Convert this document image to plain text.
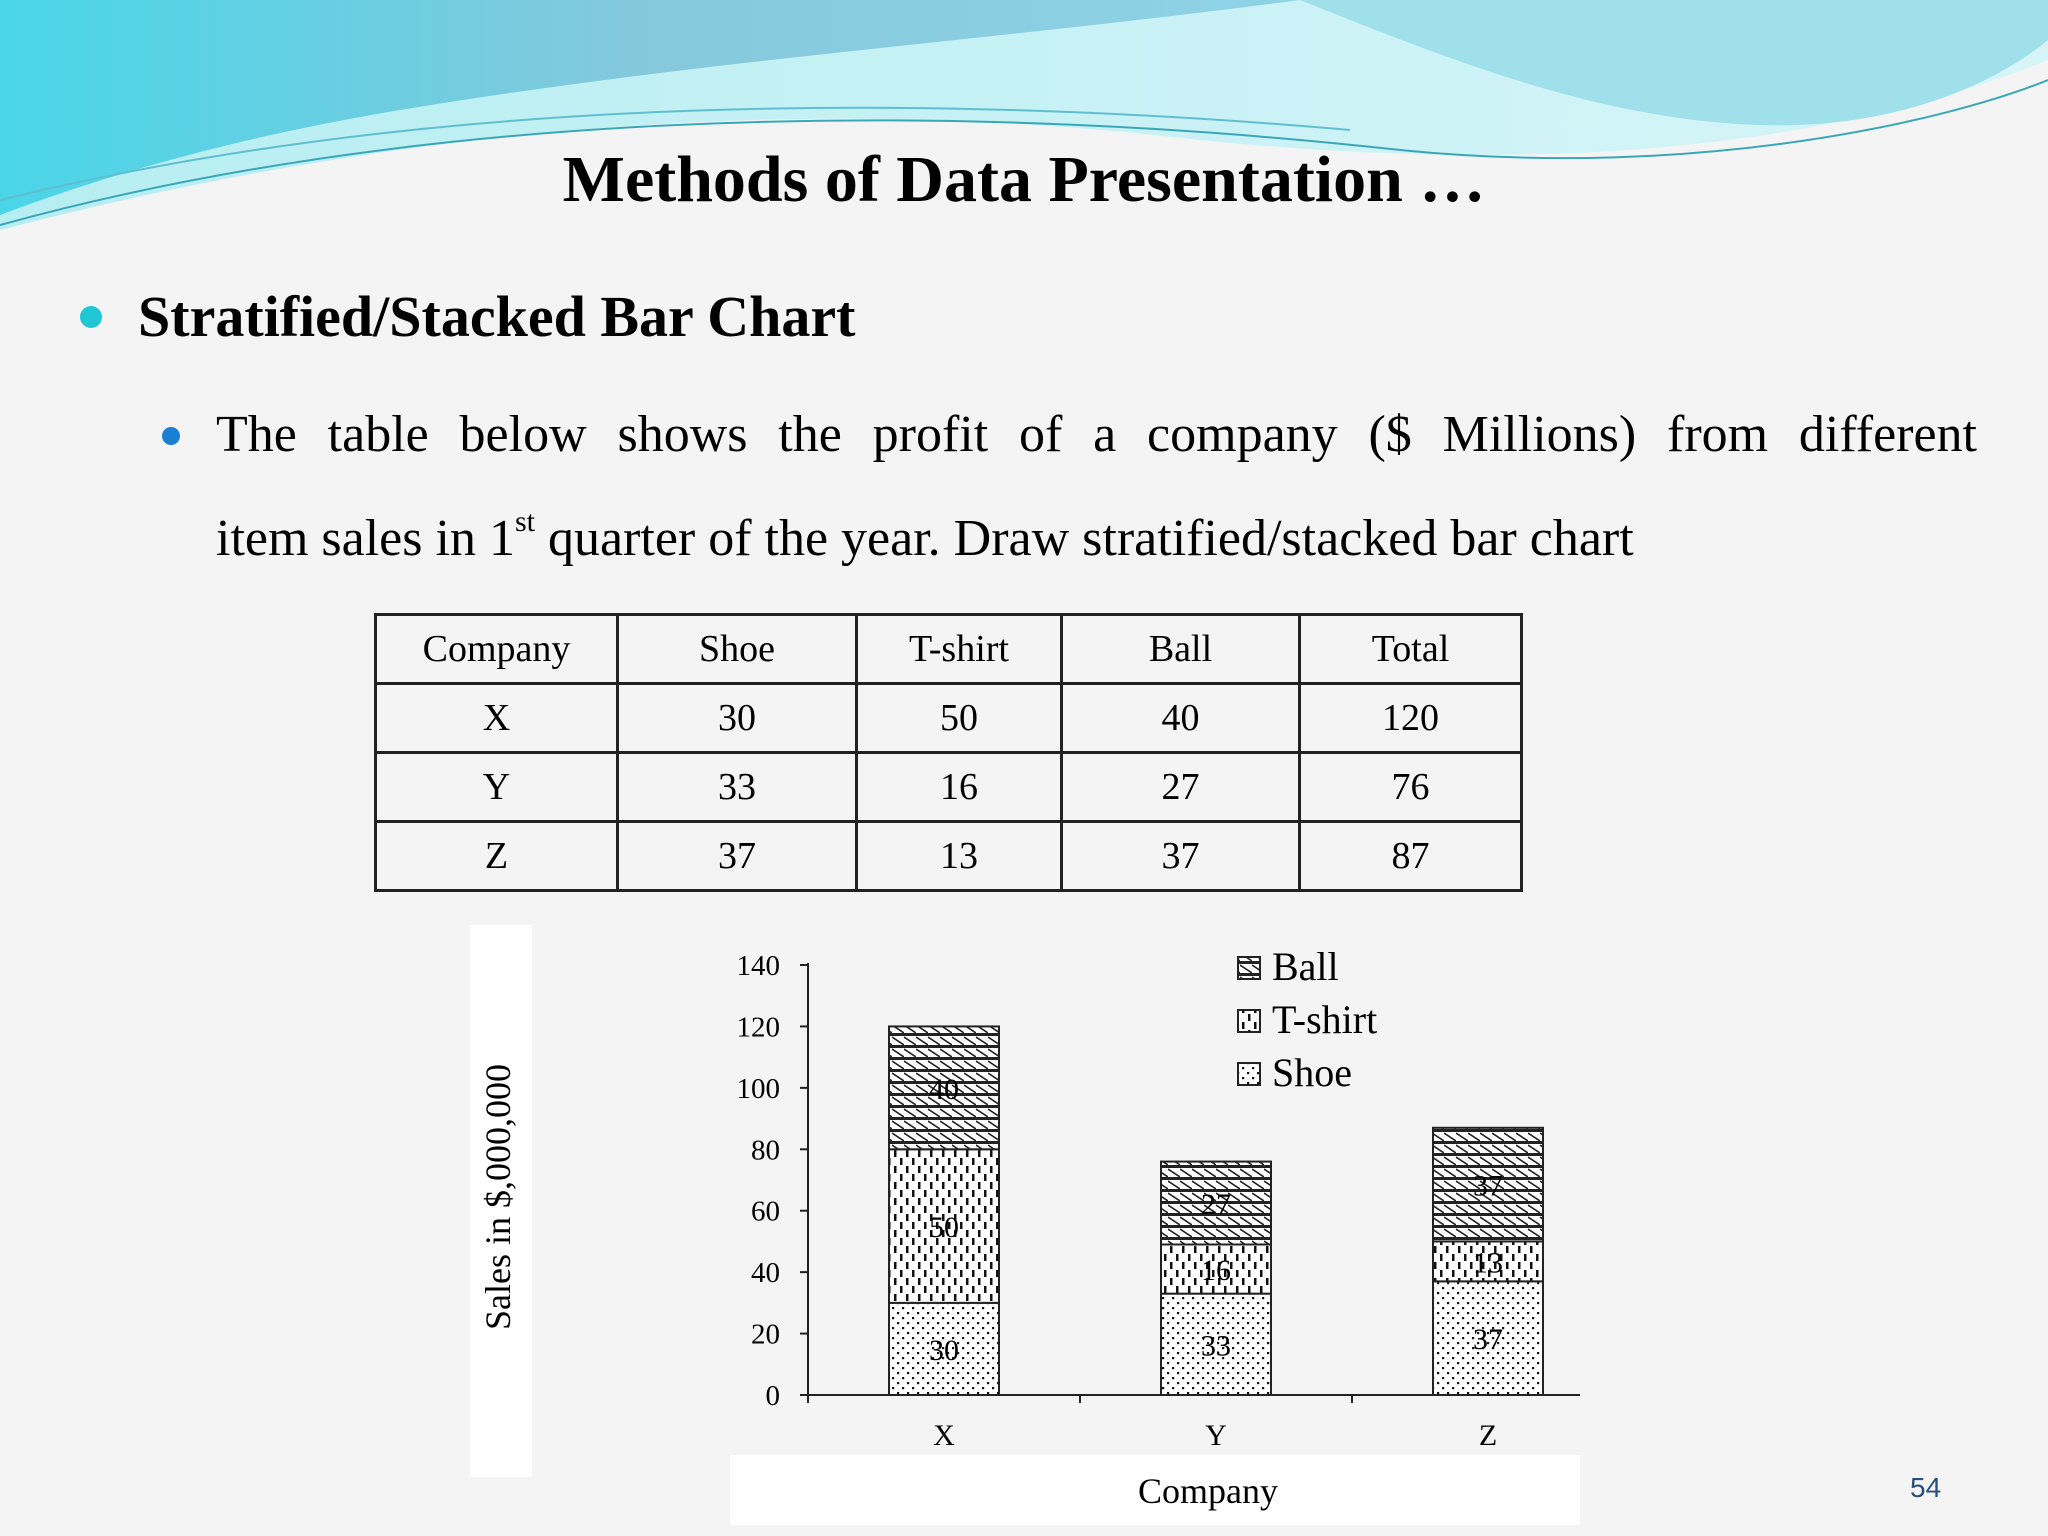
Methods of Data Presentation …
Stratified/Stacked Bar Chart
The table below shows the profit of a company ($ Millions) from different
item sales in 1st quarter of the year. Draw stratified/stacked bar chart
Company	Shoe	T-shirt	Ball	Total
X	30	50	40	120
Y	33	16	27	76
Z	37	13	37	87
0
20
40
60
80
100
120
140
30
50
40
X
33
16
27
Y
37
13
37
Z
Company
Sales in $,000,000
Ball
T-shirt
Shoe
54
